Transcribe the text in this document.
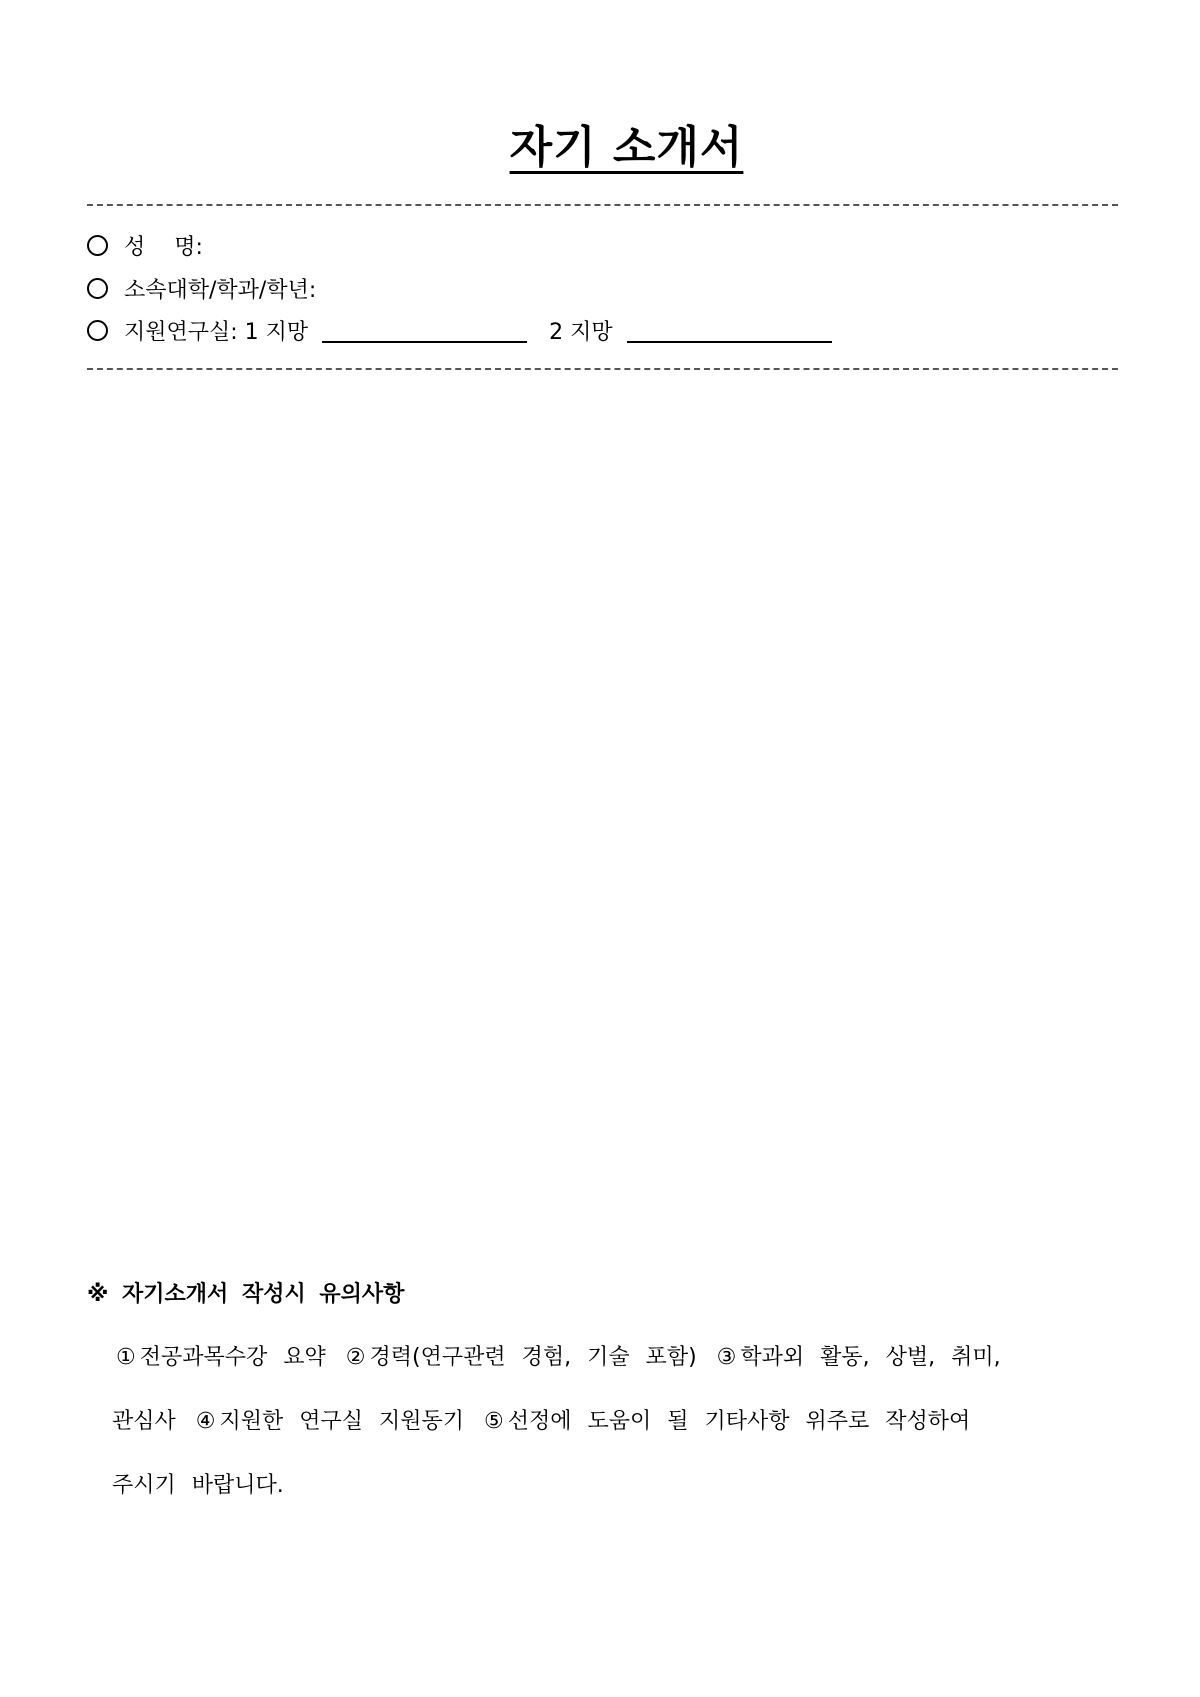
자기 소개서
성 명:
소속대학/학과/학년:
지원연구실: 1 지망	2 지망
※ 자기소개서 작성시 유의사항
① 전공과목수강 요약 ② 경력(연구관련 경험, 기술 포함) ③ 학과외 활동, 상벌, 취미,
관심사 ④ 지원한 연구실 지원동기 ⑤ 선정에 도움이 될 기타사항 위주로 작성하여
주시기 바랍니다.
